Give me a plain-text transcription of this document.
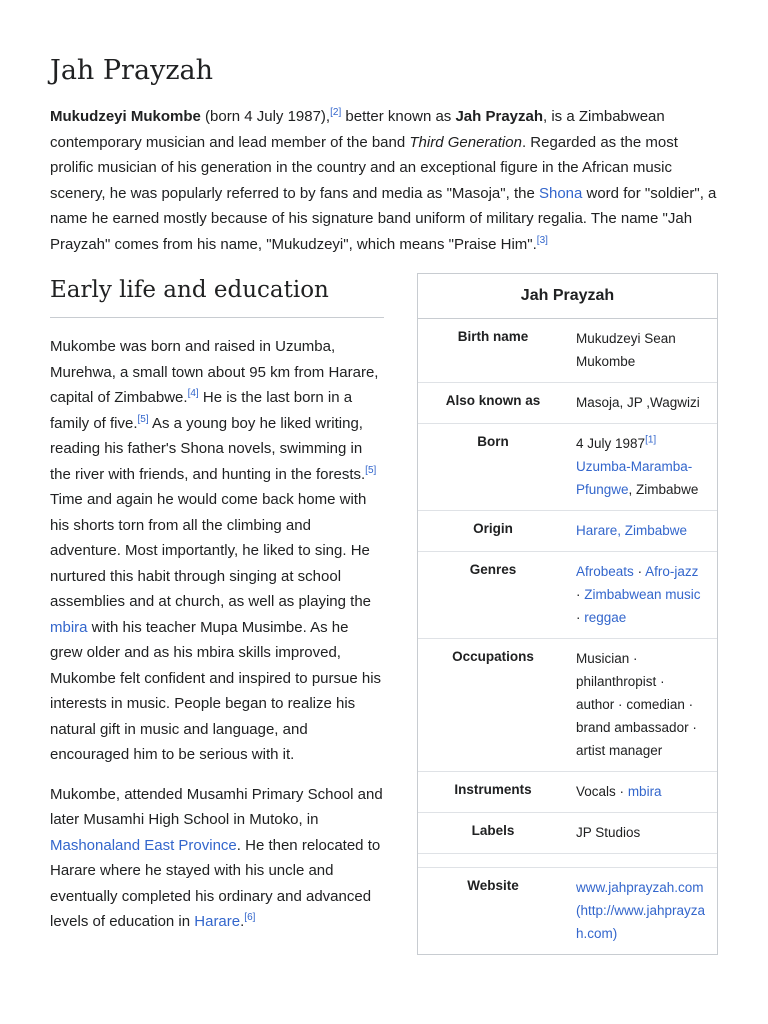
Jah Prayzah

Mukudzeyi Mukombe (born 4 July 1987),[2] better known as Jah Prayzah, is a Zimbabwean contemporary musician and lead member of the band Third Generation. Regarded as the most prolific musician of his generation in the country and an exceptional figure in the African music scenery, he was popularly referred to by fans and media as "Masoja", the Shona word for "soldier", a name he earned mostly because of his signature band uniform of military regalia. The name "Jah Prayzah" comes from his name, "Mukudzeyi", which means "Praise Him".[3]

Early life and education

Mukombe was born and raised in Uzumba, Murehwa, a small town about 95 km from Harare, capital of Zimbabwe.[4] He is the last born in a family of five.[5] As a young boy he liked writing, reading his father's Shona novels, swimming in the river with friends, and hunting in the forests.[5] Time and again he would come back home with his shorts torn from all the climbing and adventure. Most importantly, he liked to sing. He nurtured this habit through singing at school assemblies and at church, as well as playing the mbira with his teacher Mupa Musimbe. As he grew older and as his mbira skills improved, Mukombe felt confident and inspired to pursue his interests in music. People began to realize his natural gift in music and language, and encouraged him to be serious with it.

Mukombe, attended Musamhi Primary School and later Musamhi High School in Mutoko, in Mashonaland East Province. He then relocated to Harare where he stayed with his uncle and eventually completed his ordinary and advanced levels of education in Harare.[6]

Jah Prayzah
Birth name	Mukudzeyi Sean Mukombe
Also known as	Masoja, JP ,Wagwizi
Born	4 July 1987[1]
Uzumba-Maramba-Pfungwe, Zimbabwe
Origin	Harare, Zimbabwe
Genres	Afrobeats · Afro-jazz
· Zimbabwean music
· reggae
Occupations	Musician ·
philanthropist ·
author · comedian ·
brand ambassador ·
artist manager
Instruments	Vocals · mbira
Labels	JP Studios
Website	www.jahprayzah.com
(http://www.jahprayzah.com)
